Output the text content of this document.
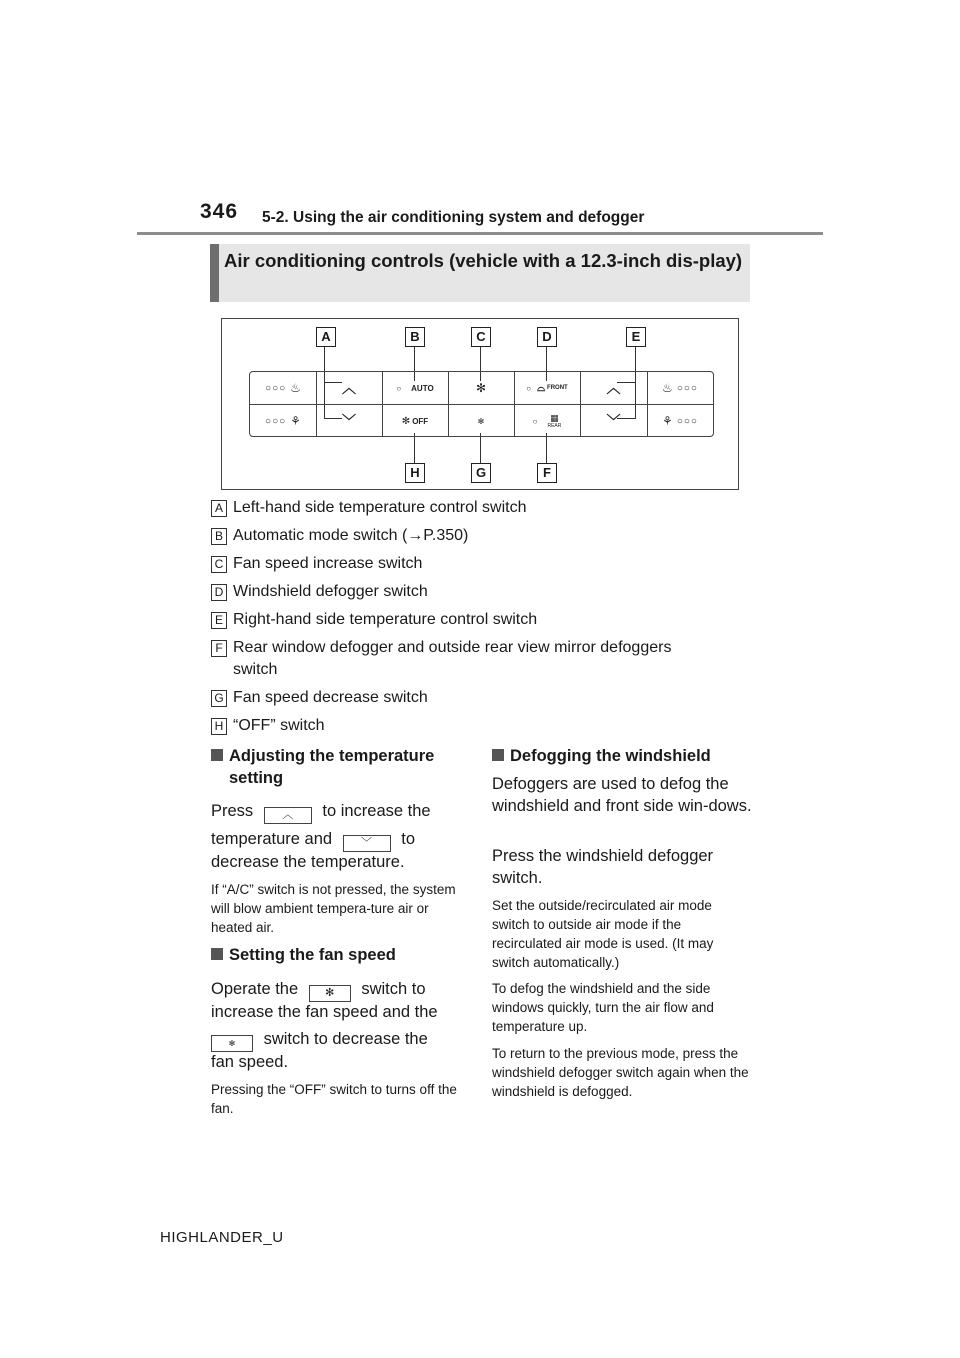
346 5-2. Using the air conditioning system and defogger
Air conditioning controls (vehicle with a 12.3-inch dis-play)
A	B	C	D	E
H	G	F
○○○ ♨	︿	○ AUTO	✻	○ ⌓ FRONT	︿	♨ ○○○
○○○ ⚘	﹀	✻ OFF	✻	○ ▦
REAR	﹀	⚘ ○○○
A Left-hand side temperature control switch
B Automatic mode switch (→P.350)
C Fan speed increase switch
D Windshield defogger switch
E Right-hand side temperature control switch
F Rear window defogger and outside rear view mirror defoggers
switch
G Fan speed decrease switch
H “OFF” switch
Adjusting the temperature
setting
Press	︿ to increase the
temperature and	﹀ to
decrease the temperature.
If “A/C” switch is not pressed, the system will blow ambient tempera-ture air or heated air.
Setting the fan speed
Operate the ✻ switch to
increase the fan speed and the
✻ switch to decrease the
fan speed.
Pressing the “OFF” switch to turns off the fan.
Defogging the windshield
Defoggers are used to defog the windshield and front side win-dows.
Press the windshield defogger switch.
Set the outside/recirculated air mode switch to outside air mode if the recirculated air mode is used. (It may switch automatically.)
To defog the windshield and the side windows quickly, turn the air flow and temperature up.
To return to the previous mode, press the windshield defogger switch again when the windshield is defogged.
HIGHLANDER_U
